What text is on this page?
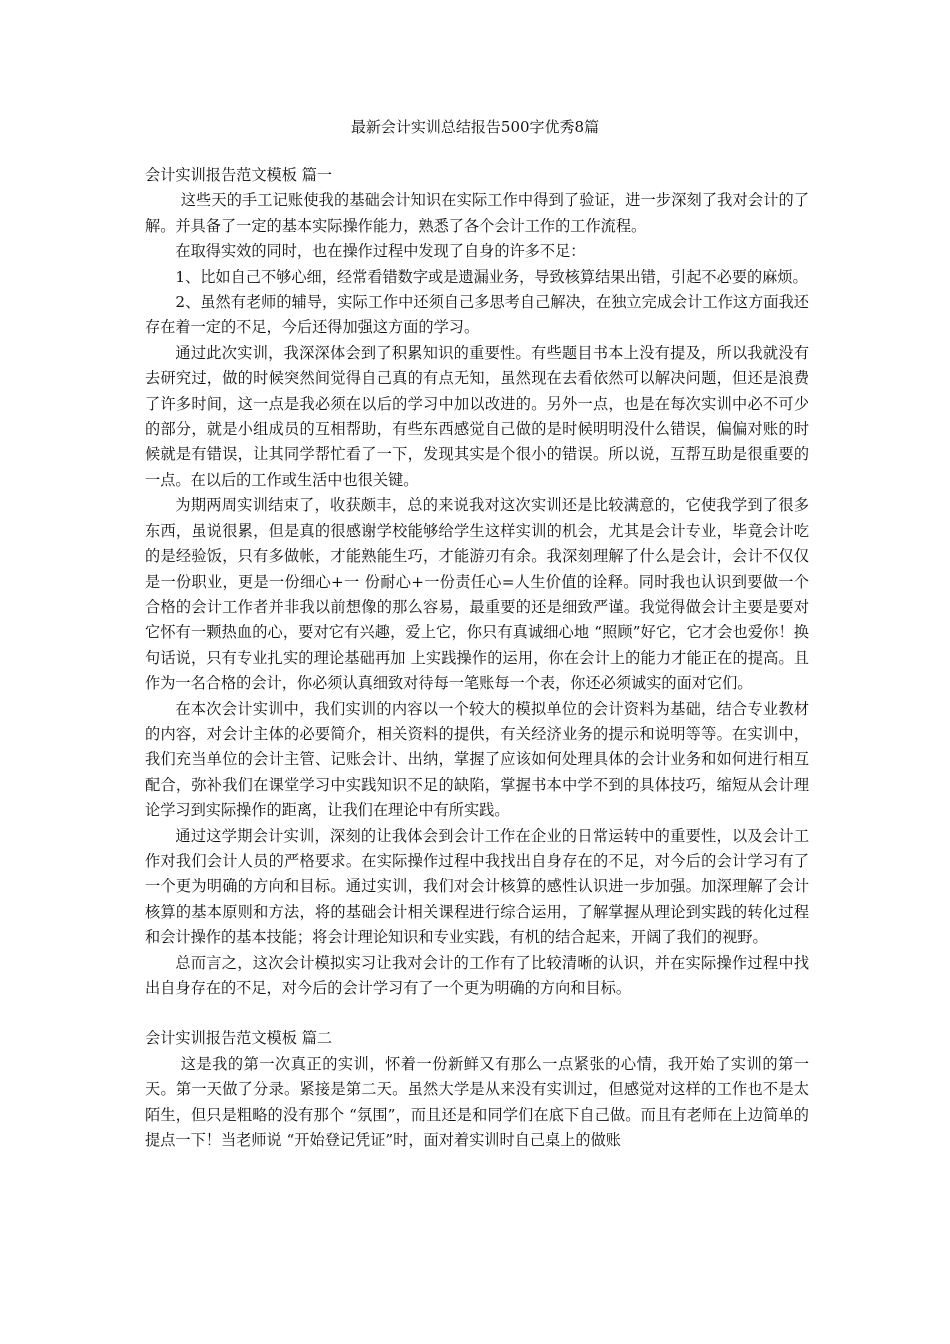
最新会计实训总结报告500字优秀8篇

会计实训报告范文模板 篇一

这些天的手工记账使我的基础会计知识在实际工作中得到了验证，进一步深刻了我对会计的了解。并具备了一定的基本实际操作能力，熟悉了各个会计工作的工作流程。

在取得实效的同时，也在操作过程中发现了自身的许多不足：

1、比如自己不够心细，经常看错数字或是遗漏业务，导致核算结果出错，引起不必要的麻烦。

2、虽然有老师的辅导，实际工作中还须自己多思考自己解决，在独立完成会计工作这方面我还存在着一定的不足，今后还得加强这方面的学习。

通过此次实训，我深深体会到了积累知识的重要性。有些题目书本上没有提及，所以我就没有去研究过，做的时候突然间觉得自己真的有点无知，虽然现在去看依然可以解决问题，但还是浪费了许多时间，这一点是我必须在以后的学习中加以改进的。另外一点，也是在每次实训中必不可少的部分，就是小组成员的互相帮助，有些东西感觉自己做的是时候明明没什么错误，偏偏对账的时候就是有错误，让其同学帮忙看了一下，发现其实是个很小的错误。所以说，互帮互助是很重要的一点。在以后的工作或生活中也很关键。

为期两周实训结束了，收获颇丰，总的来说我对这次实训还是比较满意的，它使我学到了很多东西，虽说很累，但是真的很感谢学校能够给学生这样实训的机会，尤其是会计专业，毕竟会计吃的是经验饭，只有多做帐，才能熟能生巧，才能游刃有余。我深刻理解了什么是会计，会计不仅仅是一份职业，更是一份细心+一 份耐心+一份责任心=人生价值的诠释。同时我也认识到要做一个合格的会计工作者并非我以前想像的那么容易，最重要的还是细致严谨。我觉得做会计主要是要对它怀有一颗热血的心，要对它有兴趣，爱上它，你只有真诚细心地 “照顾”好它，它才会也爱你！换句话说，只有专业扎实的理论基础再加 上实践操作的运用，你在会计上的能力才能正在的提高。且作为一名合格的会计，你必须认真细致对待每一笔账每一个表，你还必须诚实的面对它们。

在本次会计实训中，我们实训的内容以一个较大的模拟单位的会计资料为基础，结合专业教材的内容，对会计主体的必要简介，相关资料的提供，有关经济业务的提示和说明等等。在实训中，我们充当单位的会计主管、记账会计、出纳，掌握了应该如何处理具体的会计业务和如何进行相互配合，弥补我们在课堂学习中实践知识不足的缺陷，掌握书本中学不到的具体技巧，缩短从会计理论学习到实际操作的距离，让我们在理论中有所实践。

通过这学期会计实训，深刻的让我体会到会计工作在企业的日常运转中的重要性，以及会计工作对我们会计人员的严格要求。在实际操作过程中我找出自身存在的不足，对今后的会计学习有了一个更为明确的方向和目标。通过实训，我们对会计核算的感性认识进一步加强。加深理解了会计核算的基本原则和方法，将的基础会计相关课程进行综合运用，了解掌握从理论到实践的转化过程和会计操作的基本技能；将会计理论知识和专业实践，有机的结合起来，开阔了我们的视野。

总而言之，这次会计模拟实习让我对会计的工作有了比较清晰的认识，并在实际操作过程中找出自身存在的不足，对今后的会计学习有了一个更为明确的方向和目标。

会计实训报告范文模板 篇二

这是我的第一次真正的实训，怀着一份新鲜又有那么一点紧张的心情，我开始了实训的第一天。第一天做了分录。紧接是第二天。虽然大学是从来没有实训过，但感觉对这样的工作也不是太陌生，但只是粗略的没有那个 “氛围”，而且还是和同学们在底下自己做。而且有老师在上边简单的提点一下！当老师说 “开始登记凭证”时，面对着实训时自己桌上的做账
